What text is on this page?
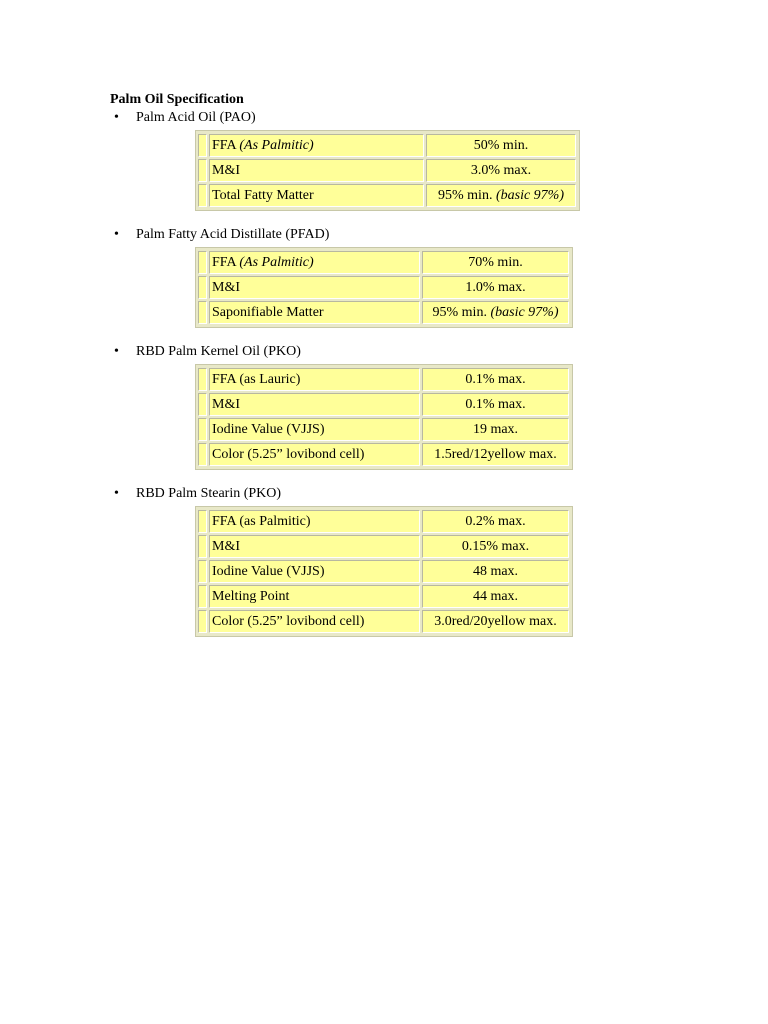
Palm Oil Specification
• Palm Acid Oil (PAO)
FFA (As Palmitic)	50% min.
M&I	3.0% max.
Total Fatty Matter	95% min. (basic 97%)
• Palm Fatty Acid Distillate (PFAD)
FFA (As Palmitic)	70% min.
M&I	1.0% max.
Saponifiable Matter	95% min. (basic 97%)
• RBD Palm Kernel Oil (PKO)
FFA (as Lauric)	0.1% max.
M&I	0.1% max.
Iodine Value (VJJS)	19 max.
Color (5.25” lovibond cell)	1.5red/12yellow max.
• RBD Palm Stearin (PKO)
FFA (as Palmitic)	0.2% max.
M&I	0.15% max.
Iodine Value (VJJS)	48 max.
Melting Point	44 max.
Color (5.25” lovibond cell)	3.0red/20yellow max.
